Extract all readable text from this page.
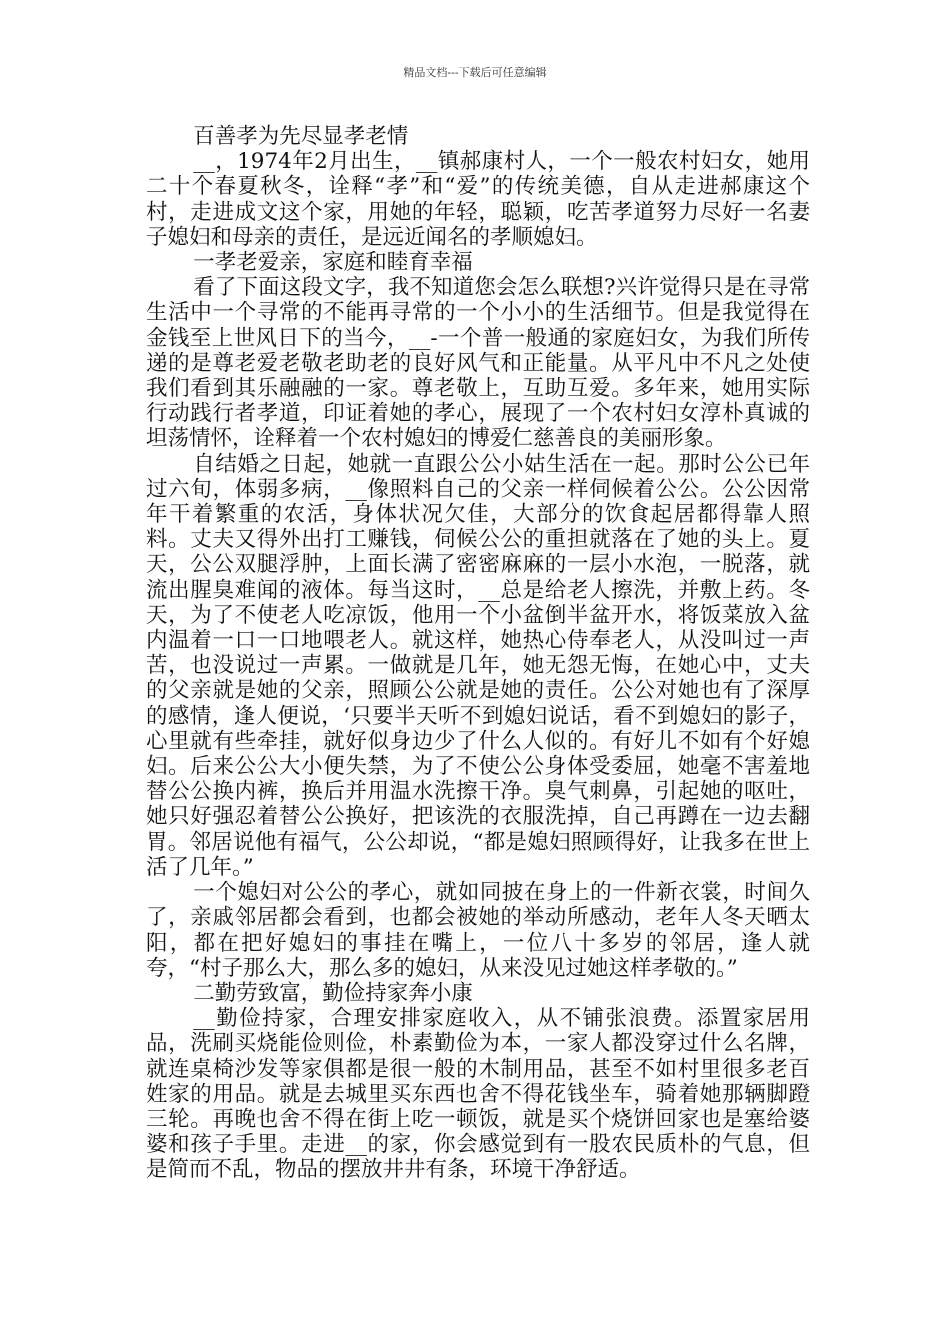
精品文档---下载后可任意编辑

百善孝为先尽显孝老情

__，1974年2月出生，__镇郝康村人，一个一般农村妇女，她用二十个春夏秋冬，诠释“孝”和“爱”的传统美德，自从走进郝康这个村，走进成文这个家，用她的年轻，聪颖，吃苦孝道努力尽好一名妻子媳妇和母亲的责任，是远近闻名的孝顺媳妇。

一孝老爱亲，家庭和睦育幸福

看了下面这段文字，我不知道您会怎么联想?兴许觉得只是在寻常生活中一个寻常的不能再寻常的一个小小的生活细节。但是我觉得在金钱至上世风日下的当今，__-一个普一般通的家庭妇女，为我们所传递的是尊老爱老敬老助老的良好风气和正能量。从平凡中不凡之处使我们看到其乐融融的一家。尊老敬上，互助互爱。多年来，她用实际行动践行者孝道，印证着她的孝心，展现了一个农村妇女淳朴真诚的坦荡情怀，诠释着一个农村媳妇的博爱仁慈善良的美丽形象。

自结婚之日起，她就一直跟公公小姑生活在一起。那时公公已年过六旬，体弱多病，__像照料自己的父亲一样伺候着公公。公公因常年干着繁重的农活，身体状况欠佳，大部分的饮食起居都得靠人照料。丈夫又得外出打工赚钱，伺候公公的重担就落在了她的头上。夏天，公公双腿浮肿，上面长满了密密麻麻的一层小水泡，一脱落，就流出腥臭难闻的液体。每当这时，__总是给老人擦洗，并敷上药。冬天，为了不使老人吃凉饭，他用一个小盆倒半盆开水，将饭菜放入盆内温着一口一口地喂老人。就这样，她热心侍奉老人，从没叫过一声苦，也没说过一声累。一做就是几年，她无怨无悔，在她心中，丈夫的父亲就是她的父亲，照顾公公就是她的责任。公公对她也有了深厚的感情，逢人便说，‘只要半天听不到媳妇说话，看不到媳妇的影子，心里就有些牵挂，就好似身边少了什么人似的。有好儿不如有个好媳妇。后来公公大小便失禁，为了不使公公身体受委屈，她毫不害羞地替公公换内裤，换后并用温水洗擦干净。臭气刺鼻，引起她的呕吐，她只好强忍着替公公换好，把该洗的衣服洗掉，自己再蹲在一边去翻胃。邻居说他有福气，公公却说，“都是媳妇照顾得好，让我多在世上活了几年。”

一个媳妇对公公的孝心，就如同披在身上的一件新衣裳，时间久了，亲戚邻居都会看到，也都会被她的举动所感动，老年人冬天晒太阳，都在把好媳妇的事挂在嘴上，一位八十多岁的邻居，逢人就夸，“村子那么大，那么多的媳妇，从来没见过她这样孝敬的。”

二勤劳致富，勤俭持家奔小康

__勤俭持家，合理安排家庭收入，从不铺张浪费。添置家居用品，洗刷买烧能俭则俭，朴素勤俭为本，一家人都没穿过什么名牌，就连桌椅沙发等家俱都是很一般的木制用品，甚至不如村里很多老百姓家的用品。就是去城里买东西也舍不得花钱坐车，骑着她那辆脚蹬三轮。再晚也舍不得在街上吃一顿饭，就是买个烧饼回家也是塞给婆婆和孩子手里。走进__的家，你会感觉到有一股农民质朴的气息，但是简而不乱，物品的摆放井井有条，环境干净舒适。
